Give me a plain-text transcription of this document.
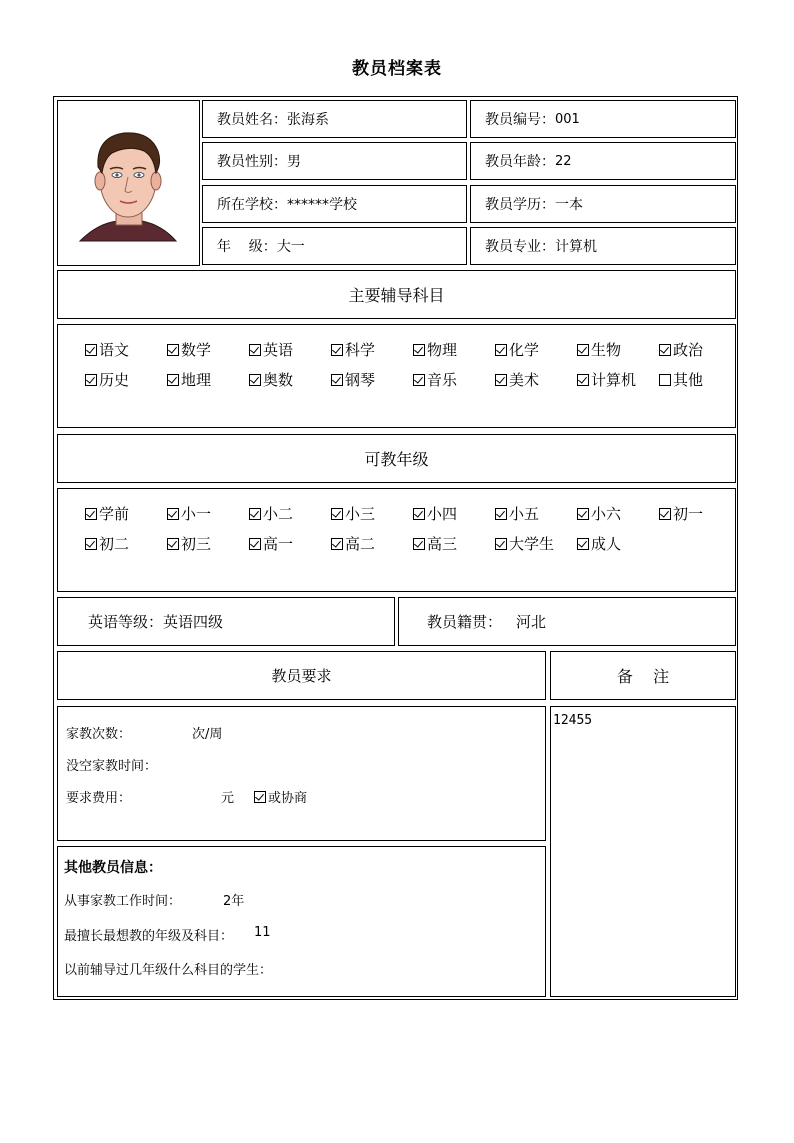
教员档案表
教员姓名： 张海系	教员编号： 001
教员性别： 男	教员年龄： 22
所在学校： ******学校	教员学历： 一本
年    级： 大一	教员专业： 计算机
主要辅导科目
语文	数学	英语	科学	物理	化学	生物	政治
历史	地理	奥数	钢琴	音乐	美术	计算机 其他
可教年级
学前	小一	小二	小三	小四	小五	小六	初一
初二	初三	高一	高二	高三	大学生 成人
英语等级： 英语四级	教员籍贯： 河北
教员要求	备    注
家教次数：	次/周
没空家教时间：
要求费用：	元	或协商
12455
其他教员信息：
从事家教工作时间：	2年
最擅长最想教的年级及科目： 11
以前辅导过几年级什么科目的学生：
